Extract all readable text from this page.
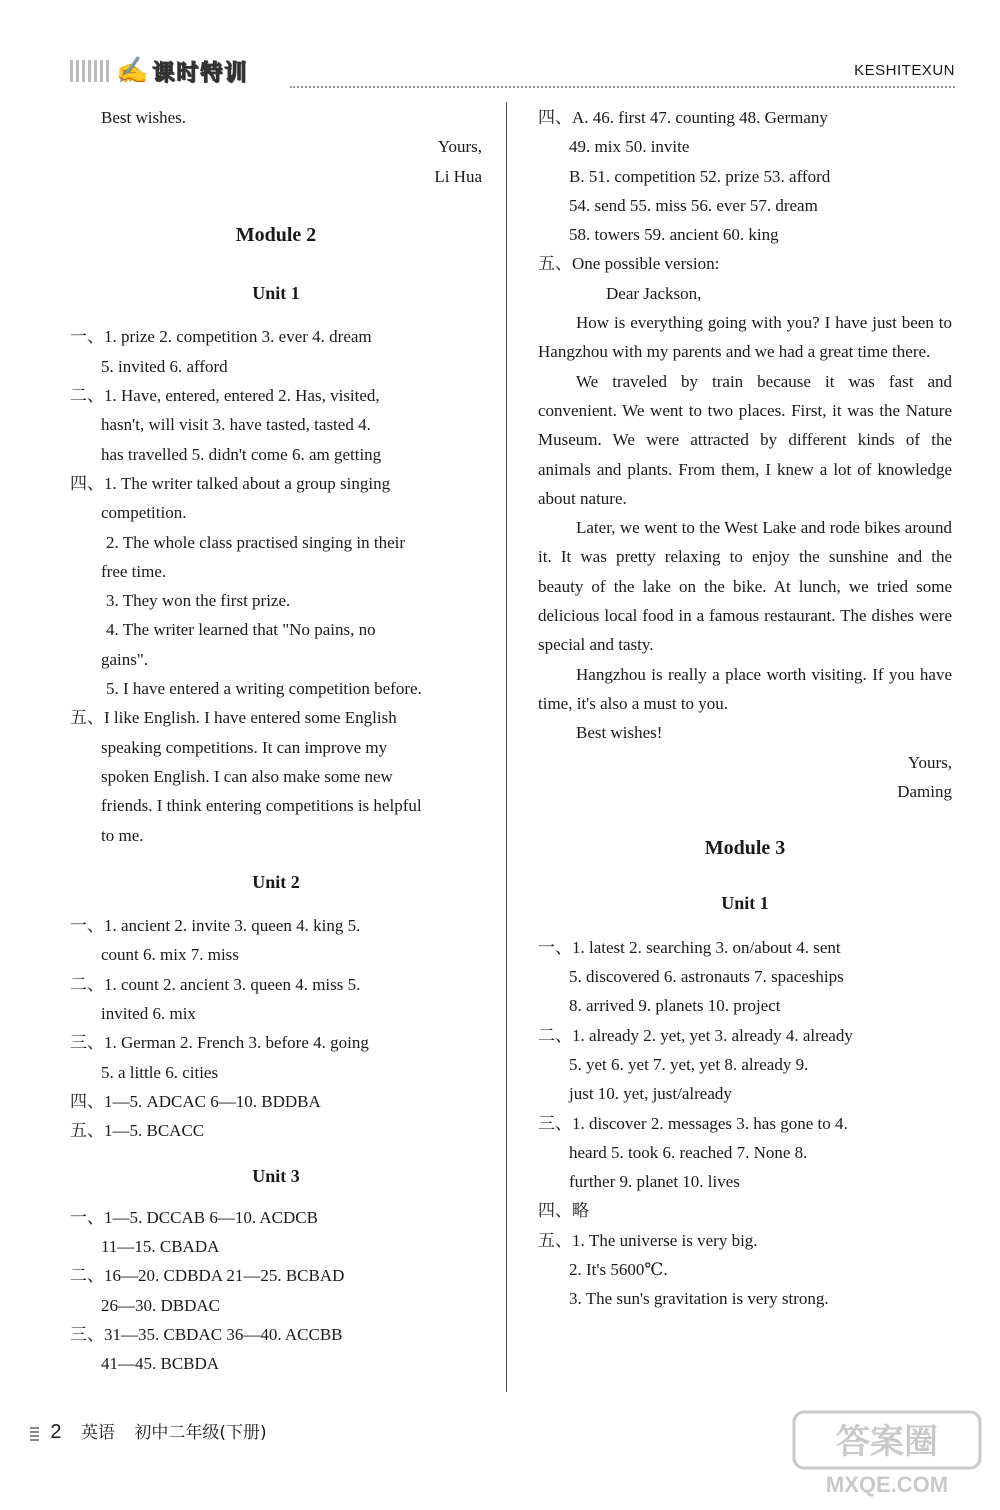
✍ 课时特训	KESHITEXUN

Best wishes.

Yours,

Li Hua

Module 2

Unit 1

一、1. prize 2. competition 3. ever 4. dream

5. invited 6. afford

二、1. Have, entered, entered 2. Has, visited,

hasn't, will visit 3. have tasted, tasted 4.

has travelled 5. didn't come 6. am getting

四、1. The writer talked about a group singing

competition.

2. The whole class practised singing in their

free time.

3. They won the first prize.

4. The writer learned that "No pains, no

gains".

5. I have entered a writing competition before.

五、I like English. I have entered some English

speaking competitions. It can improve my

spoken English. I can also make some new

friends. I think entering competitions is helpful

to me.

Unit 2

一、1. ancient 2. invite 3. queen 4. king 5.

count 6. mix 7. miss

二、1. count 2. ancient 3. queen 4. miss 5.

invited 6. mix

三、1. German 2. French 3. before 4. going

5. a little 6. cities

四、1—5. ADCAC 6—10. BDDBA

五、1—5. BCACC

Unit 3

一、1—5. DCCAB 6—10. ACDCB

11—15. CBADA

二、16—20. CDBDA 21—25. BCBAD

26—30. DBDAC

三、31—35. CBDAC 36—40. ACCBB

41—45. BCBDA

四、A. 46. first 47. counting 48. Germany

49. mix 50. invite

B. 51. competition 52. prize 53. afford

54. send 55. miss 56. ever 57. dream

58. towers 59. ancient 60. king

五、One possible version:

Dear Jackson,

How is everything going with you? I have just been to Hangzhou with my parents and we had a great time there.

We traveled by train because it was fast and convenient. We went to two places. First, it was the Nature Museum. We were attracted by different kinds of the animals and plants. From them, I knew a lot of knowledge about nature.

Later, we went to the West Lake and rode bikes around it. It was pretty relaxing to enjoy the sunshine and the beauty of the lake on the bike. At lunch, we tried some delicious local food in a famous restaurant. The dishes were special and tasty.

Hangzhou is really a place worth visiting. If you have time, it's also a must to you.

Best wishes!

Yours,

Daming

Module 3

Unit 1

一、1. latest 2. searching 3. on/about 4. sent

5. discovered 6. astronauts 7. spaceships

8. arrived 9. planets 10. project

二、1. already 2. yet, yet 3. already 4. already

5. yet 6. yet 7. yet, yet 8. already 9.

just 10. yet, just/already

三、1. discover 2. messages 3. has gone to 4.

heard 5. took 6. reached 7. None 8.

further 9. planet 10. lives

四、略

五、1. The universe is very big.

2. It's 5600℃.

3. The sun's gravitation is very strong.

2 英语 初中二年级(下册)	答案圈
MXQE.COM
